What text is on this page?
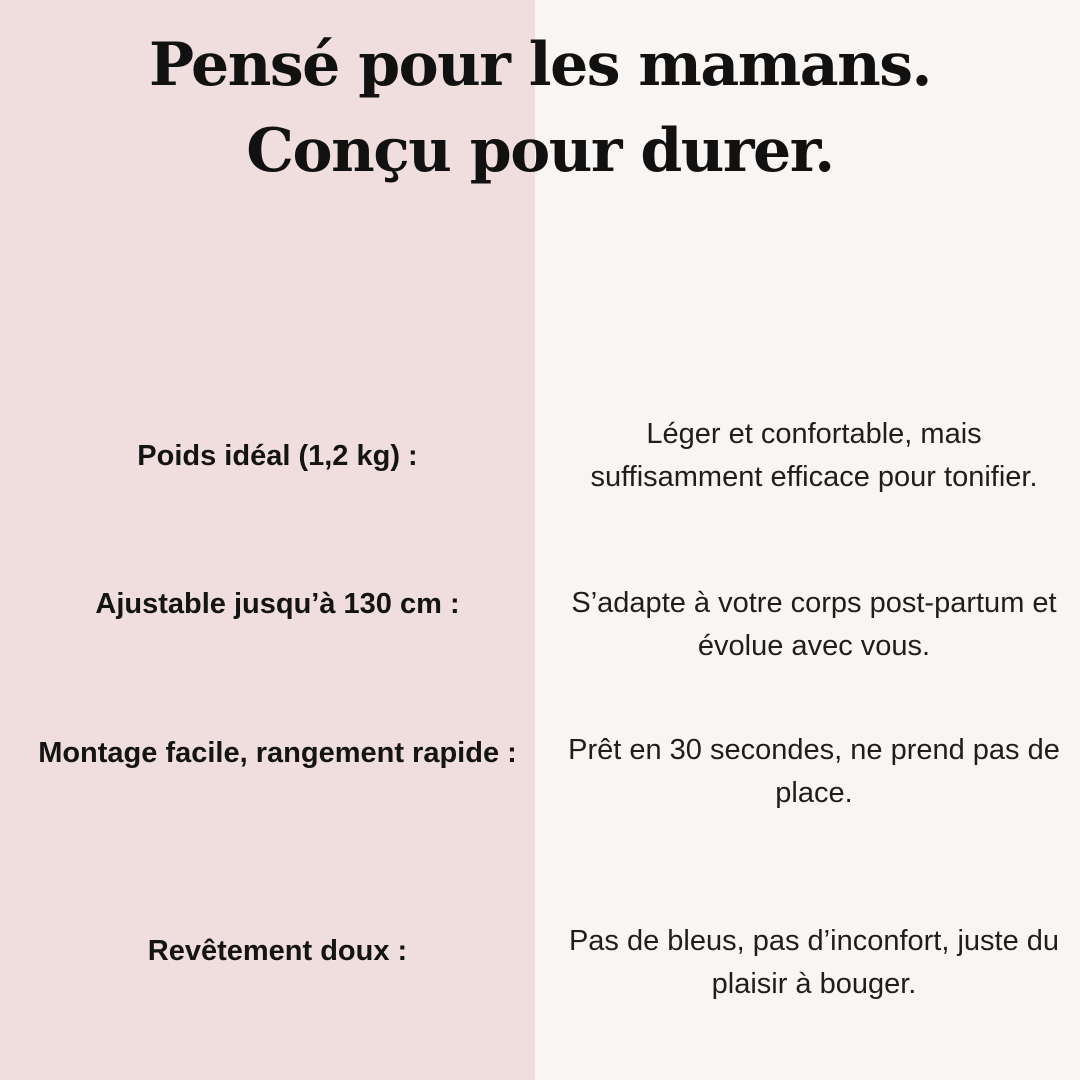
Pensé pour les mamans. Conçu pour durer.
Poids idéal (1,2 kg) :
Léger et confortable, mais suffisamment efficace pour tonifier.
Ajustable jusqu’à 130 cm :	S’adapte à votre corps post-partum et évolue avec vous.
Montage facile, rangement rapide :	Prêt en 30 secondes, ne prend pas de place.
Revêtement doux :	Pas de bleus, pas d’inconfort, juste du plaisir à bouger.
